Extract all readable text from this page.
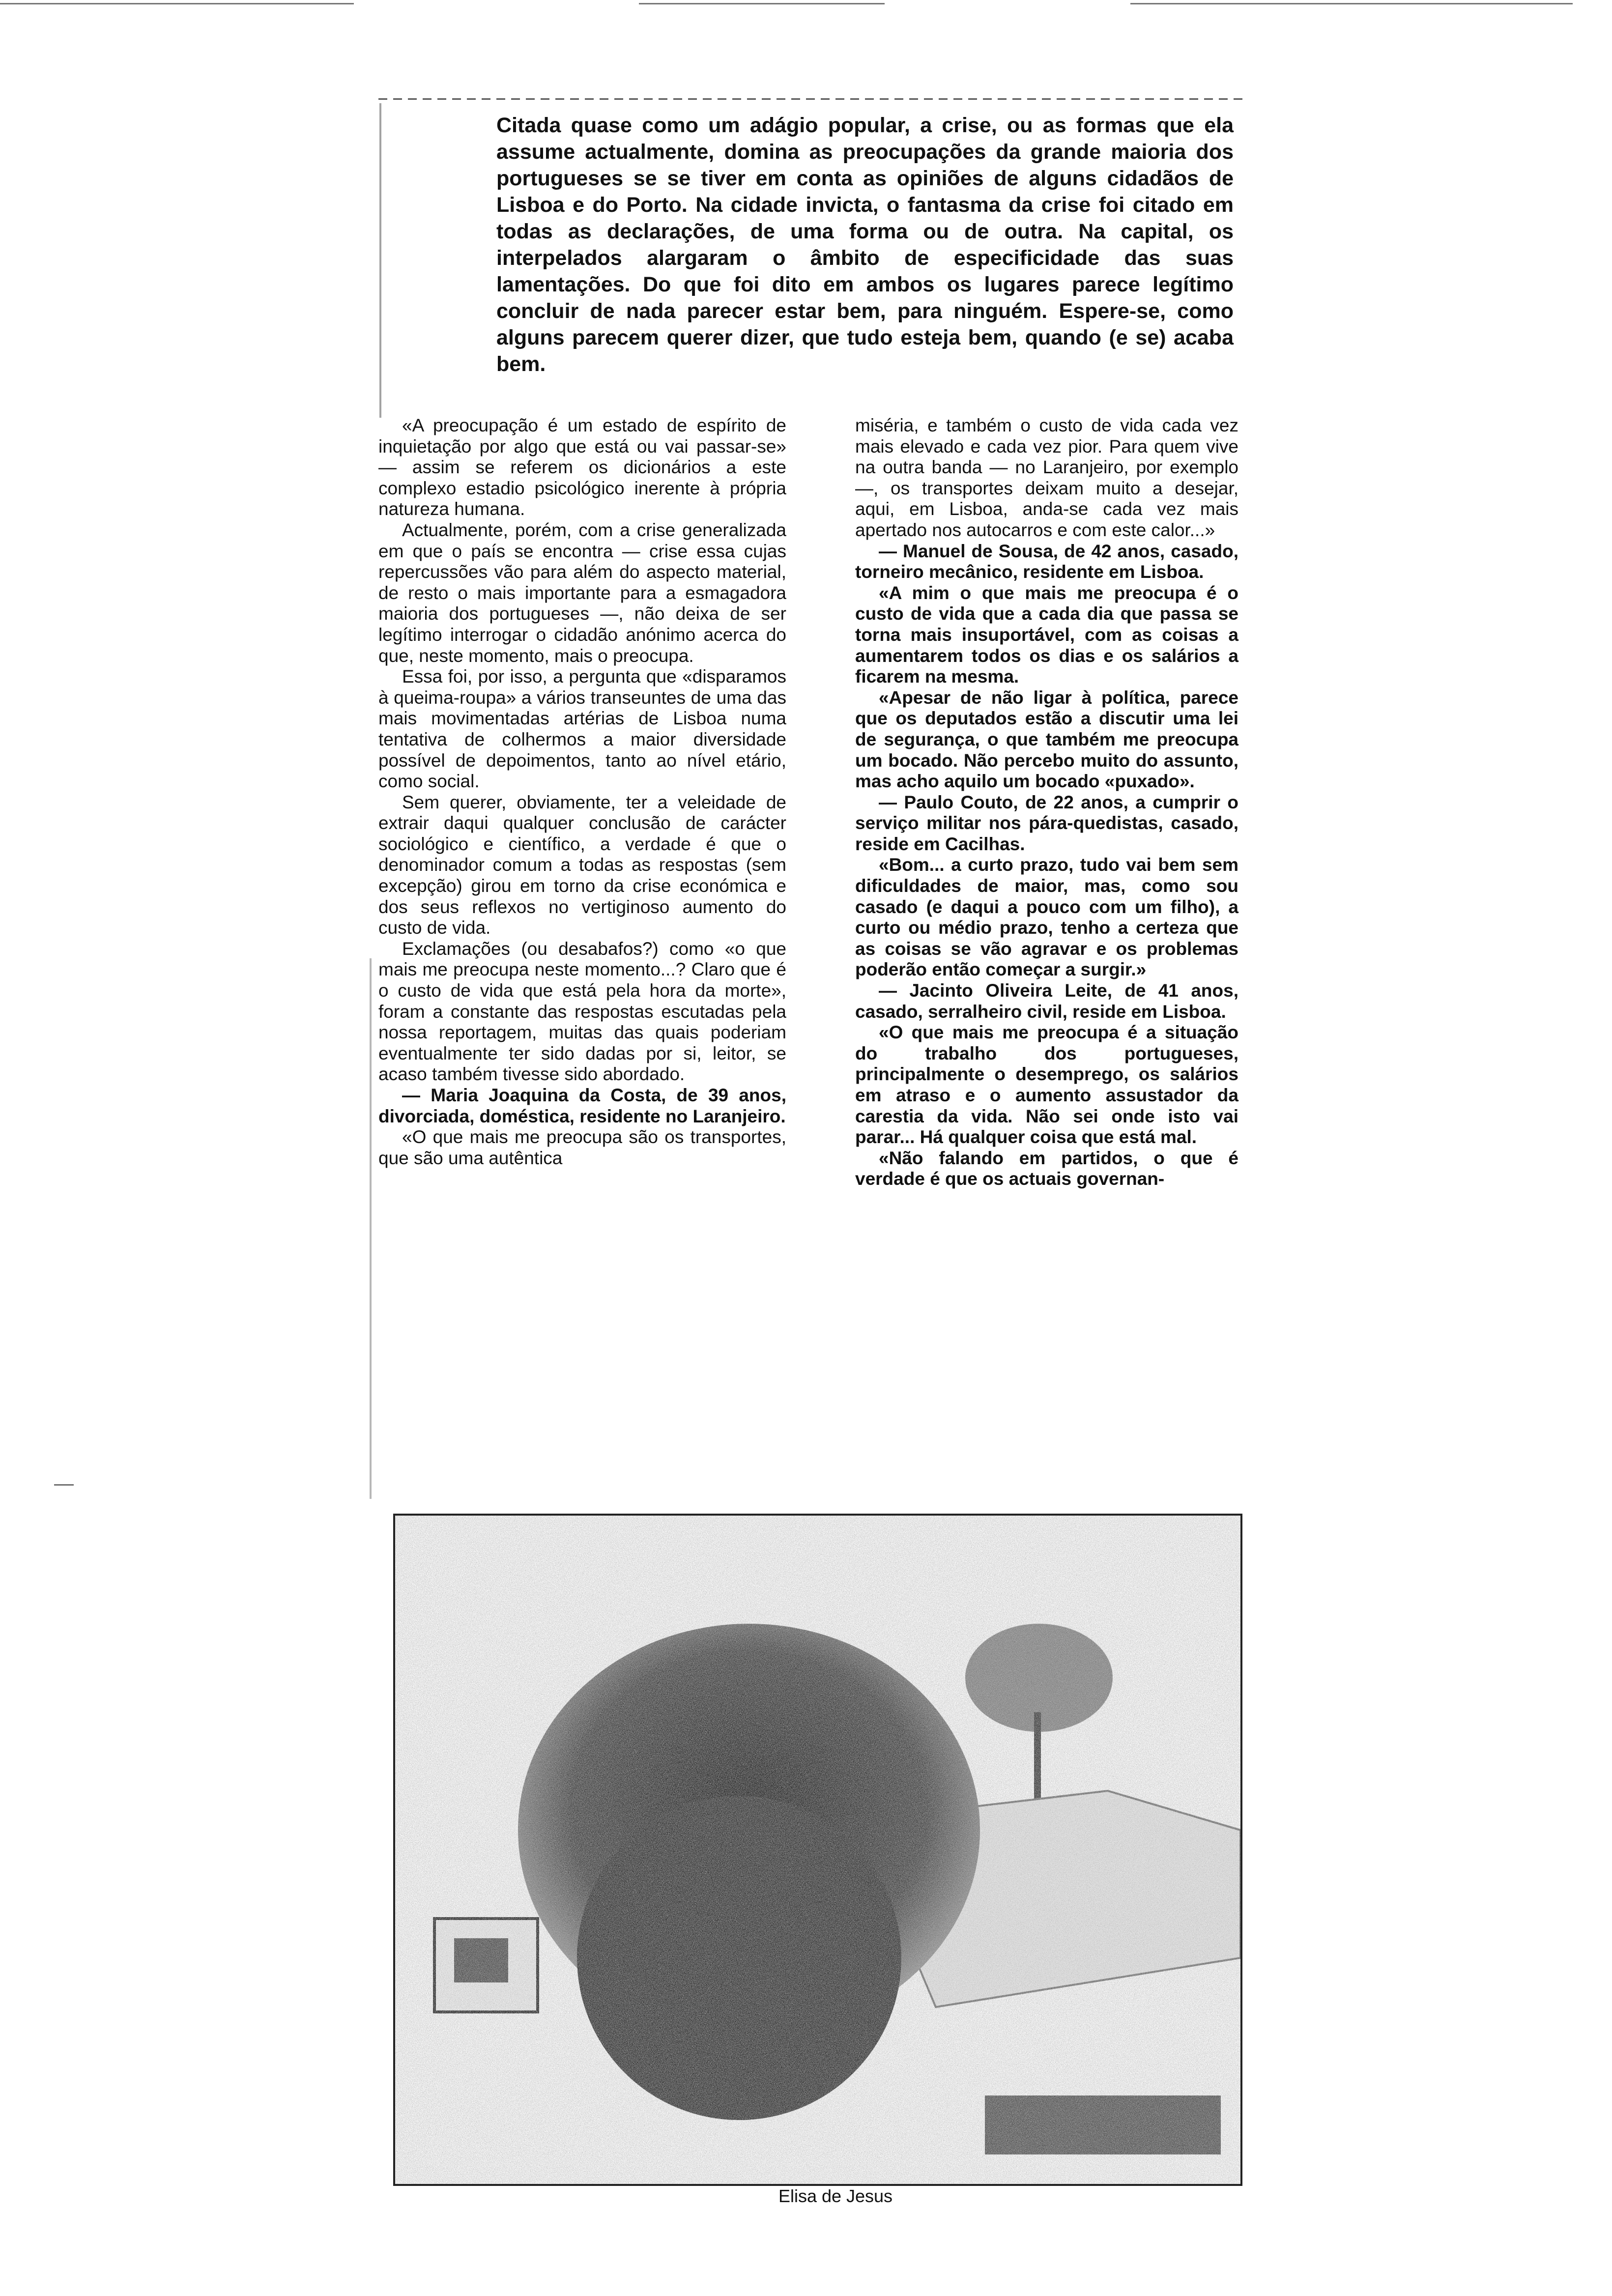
Citada quase como um adágio popular, a crise, ou as formas que ela assume actualmente, domina as preocupações da grande maioria dos portugueses se se tiver em conta as opiniões de alguns cidadãos de Lisboa e do Porto. Na cidade invicta, o fantasma da crise foi citado em todas as declarações, de uma forma ou de outra. Na capital, os interpelados alargaram o âmbito de especificidade das suas lamentações. Do que foi dito em ambos os lugares parece legítimo concluir de nada parecer estar bem, para ninguém. Espere-se, como alguns parecem querer dizer, que tudo esteja bem, quando (e se) acaba bem.

«A preocupação é um estado de espírito de inquietação por algo que está ou vai passar-se» — assim se referem os dicionários a este complexo estadio psicológico inerente à própria natureza humana.

Actualmente, porém, com a crise generalizada em que o país se encontra — crise essa cujas repercussões vão para além do aspecto material, de resto o mais importante para a esmagadora maioria dos portugueses —, não deixa de ser legítimo interrogar o cidadão anónimo acerca do que, neste momento, mais o preocupa.

Essa foi, por isso, a pergunta que «disparamos à queima-roupa» a vários transeuntes de uma das mais movimentadas artérias de Lisboa numa tentativa de colhermos a maior diversidade possível de depoimentos, tanto ao nível etário, como social.

Sem querer, obviamente, ter a veleidade de extrair daqui qualquer conclusão de carácter sociológico e científico, a verdade é que o denominador comum a todas as respostas (sem excepção) girou em torno da crise económica e dos seus reflexos no vertiginoso aumento do custo de vida.

Exclamações (ou desabafos?) como «o que mais me preocupa neste momento...? Claro que é o custo de vida que está pela hora da morte», foram a constante das respostas escutadas pela nossa reportagem, muitas das quais poderiam eventualmente ter sido dadas por si, leitor, se acaso também tivesse sido abordado.

— Maria Joaquina da Costa, de 39 anos, divorciada, doméstica, residente no Laranjeiro.

«O que mais me preocupa são os transportes, que são uma autêntica

miséria, e também o custo de vida cada vez mais elevado e cada vez pior. Para quem vive na outra banda — no Laranjeiro, por exemplo —, os transportes deixam muito a desejar, aqui, em Lisboa, anda-se cada vez mais apertado nos autocarros e com este calor...»

— Manuel de Sousa, de 42 anos, casado, torneiro mecânico, residente em Lisboa.

«A mim o que mais me preocupa é o custo de vida que a cada dia que passa se torna mais insuportável, com as coisas a aumentarem todos os dias e os salários a ficarem na mesma.

«Apesar de não ligar à política, parece que os deputados estão a discutir uma lei de segurança, o que também me preocupa um bocado. Não percebo muito do assunto, mas acho aquilo um bocado «puxado».

— Paulo Couto, de 22 anos, a cumprir o serviço militar nos pára-quedistas, casado, reside em Cacilhas.

«Bom... a curto prazo, tudo vai bem sem dificuldades de maior, mas, como sou casado (e daqui a pouco com um filho), a curto ou médio prazo, tenho a certeza que as coisas se vão agravar e os problemas poderão então começar a surgir.»

— Jacinto Oliveira Leite, de 41 anos, casado, serralheiro civil, reside em Lisboa.

«O que mais me preocupa é a situação do trabalho dos portugueses, principalmente o desemprego, os salários em atraso e o aumento assustador da carestia da vida. Não sei onde isto vai parar... Há qualquer coisa que está mal.

«Não falando em partidos, o que é verdade é que os actuais governan-

Elisa de Jesus
